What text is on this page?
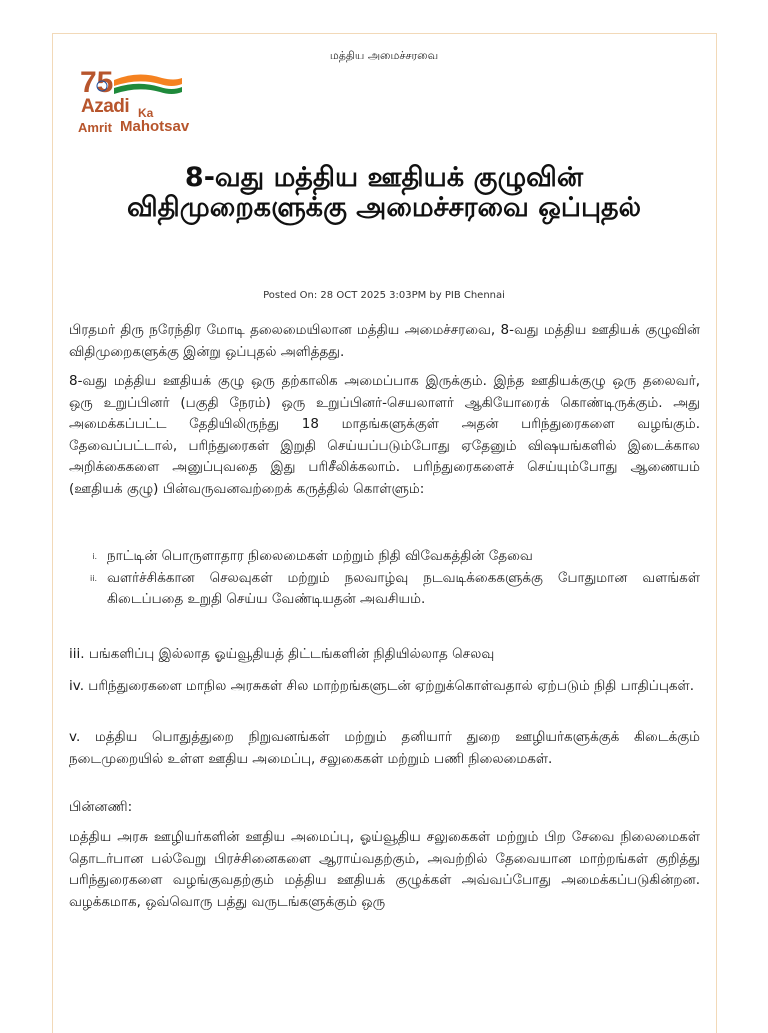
மத்திய அமைச்சரவை
75
Azadi Ka
Amrit Mahotsav
8-வது மத்திய ஊதியக் குழுவின் விதிமுறைகளுக்கு அமைச்சரவை ஒப்புதல்
Posted On: 28 OCT 2025 3:03PM by PIB Chennai

பிரதமர் திரு நரேந்திர மோடி தலைமையிலான மத்திய அமைச்சரவை, 8-வது மத்திய ஊதியக் குழுவின் விதிமுறைகளுக்கு இன்று ஒப்புதல் அளித்தது.

8-வது மத்திய ஊதியக் குழு ஒரு தற்காலிக அமைப்பாக இருக்கும். இந்த ஊதியக்குழு ஒரு தலைவர், ஒரு உறுப்பினர் (பகுதி நேரம்) ஒரு உறுப்பினர்-செயலாளர் ஆகியோரைக் கொண்டிருக்கும். அது அமைக்கப்பட்ட தேதியிலிருந்து 18 மாதங்களுக்குள் அதன் பரிந்துரைகளை வழங்கும். தேவைப்பட்டால், பரிந்துரைகள் இறுதி செய்யப்படும்போது ஏதேனும் விஷயங்களில் இடைக்கால அறிக்கைகளை அனுப்புவதை இது பரிசீலிக்கலாம். பரிந்துரைகளைச் செய்யும்போது ஆணையம் (ஊதியக் குழு) பின்வருவனவற்றைக் கருத்தில் கொள்ளும்:

i. நாட்டின் பொருளாதார நிலைமைகள் மற்றும் நிதி விவேகத்தின் தேவை
ii. வளர்ச்சிக்கான செலவுகள் மற்றும் நலவாழ்வு நடவடிக்கைகளுக்கு போதுமான வளங்கள் கிடைப்பதை உறுதி செய்ய வேண்டியதன் அவசியம்.

iii. பங்களிப்பு இல்லாத ஓய்வூதியத் திட்டங்களின் நிதியில்லாத செலவு

iv. பரிந்துரைகளை மாநில அரசுகள் சில மாற்றங்களுடன் ஏற்றுக்கொள்வதால் ஏற்படும் நிதி பாதிப்புகள்.

v. மத்திய பொதுத்துறை நிறுவனங்கள் மற்றும் தனியார் துறை ஊழியர்களுக்குக் கிடைக்கும் நடைமுறையில் உள்ள ஊதிய அமைப்பு, சலுகைகள் மற்றும் பணி நிலைமைகள்.

பின்னணி:

மத்திய அரசு ஊழியர்களின் ஊதிய அமைப்பு, ஓய்வூதிய சலுகைகள் மற்றும் பிற சேவை நிலைமைகள் தொடர்பான பல்வேறு பிரச்சினைகளை ஆராய்வதற்கும், அவற்றில் தேவையான மாற்றங்கள் குறித்து பரிந்துரைகளை வழங்குவதற்கும் மத்திய ஊதியக் குழுக்கள் அவ்வப்போது அமைக்கப்படுகின்றன. வழக்கமாக, ஒவ்வொரு பத்து வருடங்களுக்கும் ஒரு
